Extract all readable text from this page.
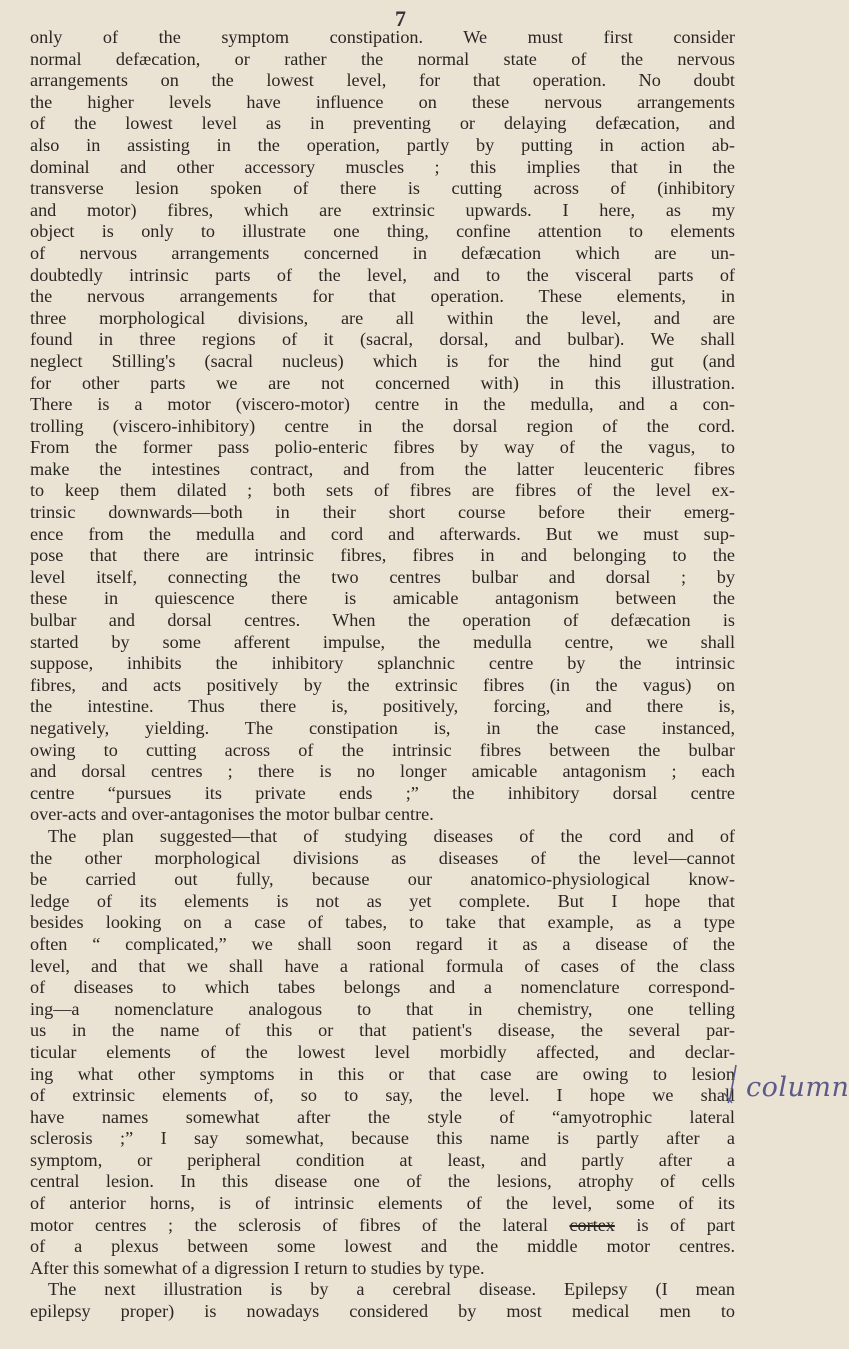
7
only of the symptom constipation. We must first consider
normal defæcation, or rather the normal state of the nervous
arrangements on the lowest level, for that operation. No doubt
the higher levels have influence on these nervous arrangements
of the lowest level as in preventing or delaying defæcation, and
also in assisting in the operation, partly by putting in action ab-
dominal and other accessory muscles ; this implies that in the
transverse lesion spoken of there is cutting across of (inhibitory
and motor) fibres, which are extrinsic upwards. I here, as my
object is only to illustrate one thing, confine attention to elements
of nervous arrangements concerned in defæcation which are un-
doubtedly intrinsic parts of the level, and to the visceral parts of
the nervous arrangements for that operation. These elements, in
three morphological divisions, are all within the level, and are
found in three regions of it (sacral, dorsal, and bulbar). We shall
neglect Stilling's (sacral nucleus) which is for the hind gut (and
for other parts we are not concerned with) in this illustration.
There is a motor (viscero-motor) centre in the medulla, and a con-
trolling (viscero-inhibitory) centre in the dorsal region of the cord.
From the former pass polio-enteric fibres by way of the vagus, to
make the intestines contract, and from the latter leucenteric fibres
to keep them dilated ; both sets of fibres are fibres of the level ex-
trinsic downwards—both in their short course before their emerg-
ence from the medulla and cord and afterwards. But we must sup-
pose that there are intrinsic fibres, fibres in and belonging to the
level itself, connecting the two centres bulbar and dorsal ; by
these in quiescence there is amicable antagonism between the
bulbar and dorsal centres. When the operation of defæcation is
started by some afferent impulse, the medulla centre, we shall
suppose, inhibits the inhibitory splanchnic centre by the intrinsic
fibres, and acts positively by the extrinsic fibres (in the vagus) on
the intestine. Thus there is, positively, forcing, and there is,
negatively, yielding. The constipation is, in the case instanced,
owing to cutting across of the intrinsic fibres between the bulbar
and dorsal centres ; there is no longer amicable antagonism ; each
centre “pursues its private ends ;” the inhibitory dorsal centre
over-acts and over-antagonises the motor bulbar centre.
The plan suggested—that of studying diseases of the cord and of
the other morphological divisions as diseases of the level—cannot
be carried out fully, because our anatomico-physiological know-
ledge of its elements is not as yet complete. But I hope that
besides looking on a case of tabes, to take that example, as a type
often “ complicated,” we shall soon regard it as a disease of the
level, and that we shall have a rational formula of cases of the class
of diseases to which tabes belongs and a nomenclature correspond-
ing—a nomenclature analogous to that in chemistry, one telling
us in the name of this or that patient's disease, the several par-
ticular elements of the lowest level morbidly affected, and declar-
ing what other symptoms in this or that case are owing to lesion
of extrinsic elements of, so to say, the level. I hope we shall
have names somewhat after the style of “amyotrophic lateral
sclerosis ;” I say somewhat, because this name is partly after a
symptom, or peripheral condition at least, and partly after a
central lesion. In this disease one of the lesions, atrophy of cells
of anterior horns, is of intrinsic elements of the level, some of its
motor centres ; the sclerosis of fibres of the lateral cortex is of part
of a plexus between some lowest and the middle motor centres.
After this somewhat of a digression I return to studies by type.
The next illustration is by a cerebral disease. Epilepsy (I mean
epilepsy proper) is nowadays considered by most medical men to
column
